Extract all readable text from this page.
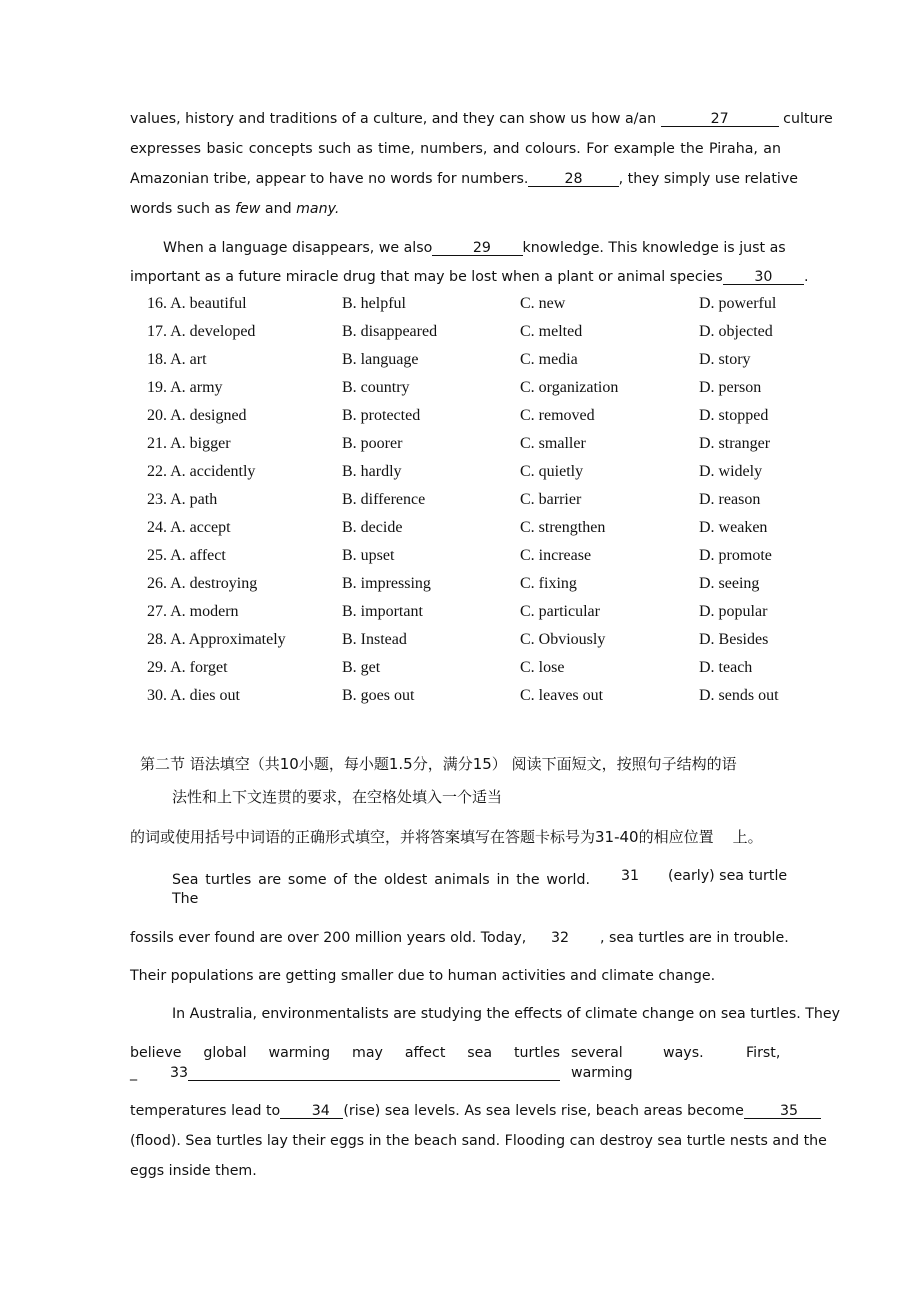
values, history and traditions of a culture, and they can show us how a/an	27	culture
expresses basic concepts such as time, numbers, and colours. For example the Piraha, an
Amazonian tribe, appear to have no words for numbers.	28	, they simply use relative
words such as few and many.
When a language disappears, we also	29 knowledge. This knowledge is just as
important as a future miracle drug that may be lost when a plant or animal species 30 .
16. A. beautiful	B. helpful	C. new	D. powerful
17. A. developed	B. disappeared	C. melted	D. objected
18. A. art	B. language	C. media	D. story
19. A. army	B. country	C. organization	D. person
20. A. designed	B. protected	C. removed	D. stopped
21. A. bigger	B. poorer	C. smaller	D. stranger
22. A. accidently	B. hardly	C. quietly	D. widely
23. A. path	B. difference	C. barrier	D. reason
24. A. accept	B. decide	C. strengthen	D. weaken
25. A. affect	B. upset	C. increase	D. promote
26. A. destroying	B. impressing	C. fixing	D. seeing
27. A. modern	B. important	C. particular	D. popular
28. A. Approximately	B. Instead	C. Obviously	D. Besides
29. A. forget	B. get	C. lose	D. teach
30. A. dies out	B. goes out	C. leaves out	D. sends out
第二节 语法填空（共10小题，每小题1.5分，满分15） 阅读下面短文，按照句子结构的语
法性和上下文连贯的要求，在空格处填入一个适当
的词或使用括号中词语的正确形式填空，并将答案填写在答题卡标号为31-40的相应位置 上。
Sea turtles are some of the oldest animals in the world.
The
31 (early) sea turtle
fossils ever found are over 200 million years old. Today, 32 , sea turtles are in trouble.
Their populations are getting smaller due to human activities and climate change.
In Australia, environmentalists are studying the effects of climate change on sea turtles. They
believe global warming may affect sea turtles several	ways.	First,
_ 33	warming
temperatures lead to 34 (rise) sea levels. As sea levels rise, beach areas become	35
(flood). Sea turtles lay their eggs in the beach sand. Flooding can destroy sea turtle nests and the
eggs inside them.
